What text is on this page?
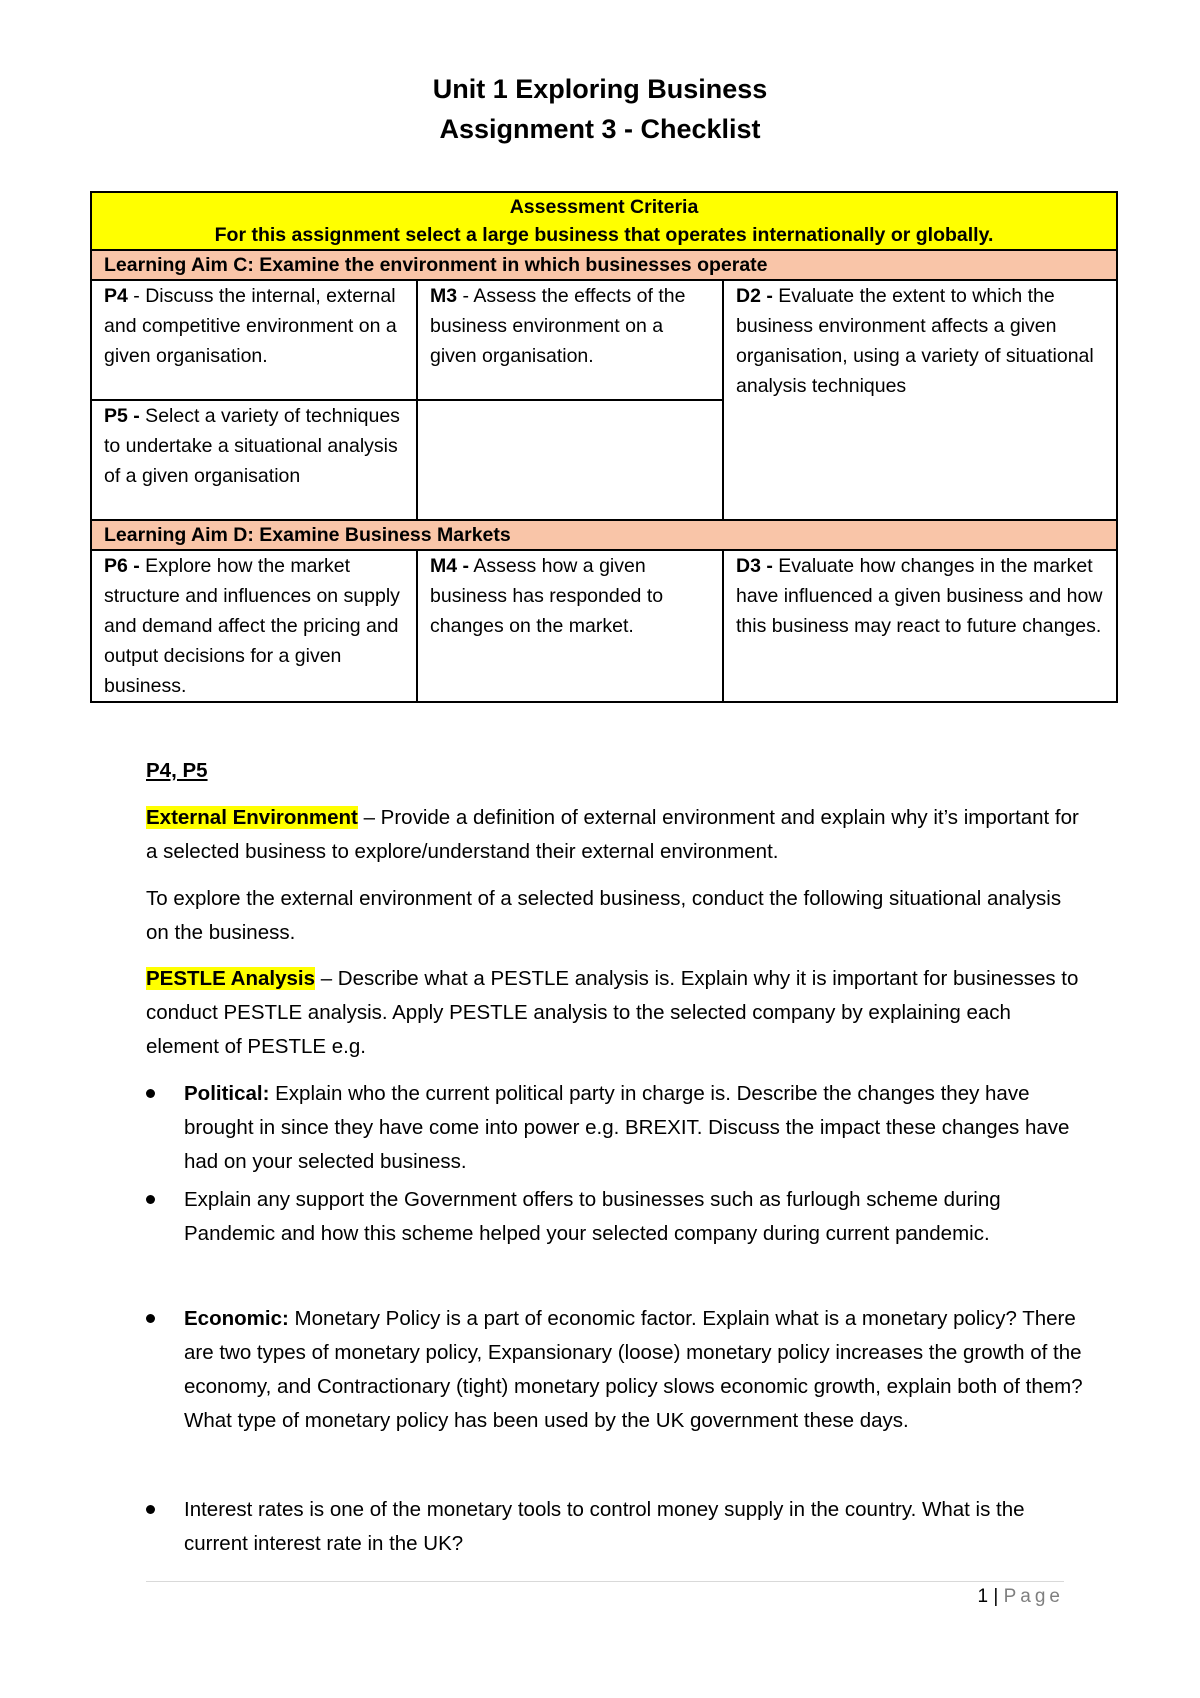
Unit 1 Exploring Business
Assignment 3 - Checklist
Assessment Criteria
For this assignment select a large business that operates internationally or globally.		

Learning Aim C: Examine the environment in which businesses operate		
P4 - Discuss the internal, external and competitive environment on a given organisation.	M3 - Assess the effects of the business environment on a given organisation.	D2 - Evaluate the extent to which the business environment affects a given organisation, using a variety of situational analysis techniques
P5 - Select a variety of techniques to undertake a situational analysis of a given organisation		
Learning Aim D: Examine Business Markets		
P6 - Explore how the market structure and influences on supply and demand affect the pricing and output decisions for a given business.	M4 - Assess how a given business has responded to changes on the market.	D3 - Evaluate how changes in the market have influenced a given business and how this business may react to future changes.
P4, P5
External Environment – Provide a definition of external environment and explain why it’s important for a selected business to explore/understand their external environment.
To explore the external environment of a selected business, conduct the following situational analysis on the business.
PESTLE Analysis – Describe what a PESTLE analysis is. Explain why it is important for businesses to conduct PESTLE analysis. Apply PESTLE analysis to the selected company by explaining each element of PESTLE e.g.
Political: Explain who the current political party in charge is. Describe the changes they have brought in since they have come into power e.g. BREXIT. Discuss the impact these changes have had on your selected business.
Explain any support the Government offers to businesses such as furlough scheme during Pandemic and how this scheme helped your selected company during current pandemic.
Economic: Monetary Policy is a part of economic factor. Explain what is a monetary policy? There are two types of monetary policy, Expansionary (loose) monetary policy increases the growth of the economy, and Contractionary (tight) monetary policy slows economic growth, explain both of them? What type of monetary policy has been used by the UK government these days.
Interest rates is one of the monetary tools to control money supply in the country. What is the current interest rate in the UK?
1 | Page
